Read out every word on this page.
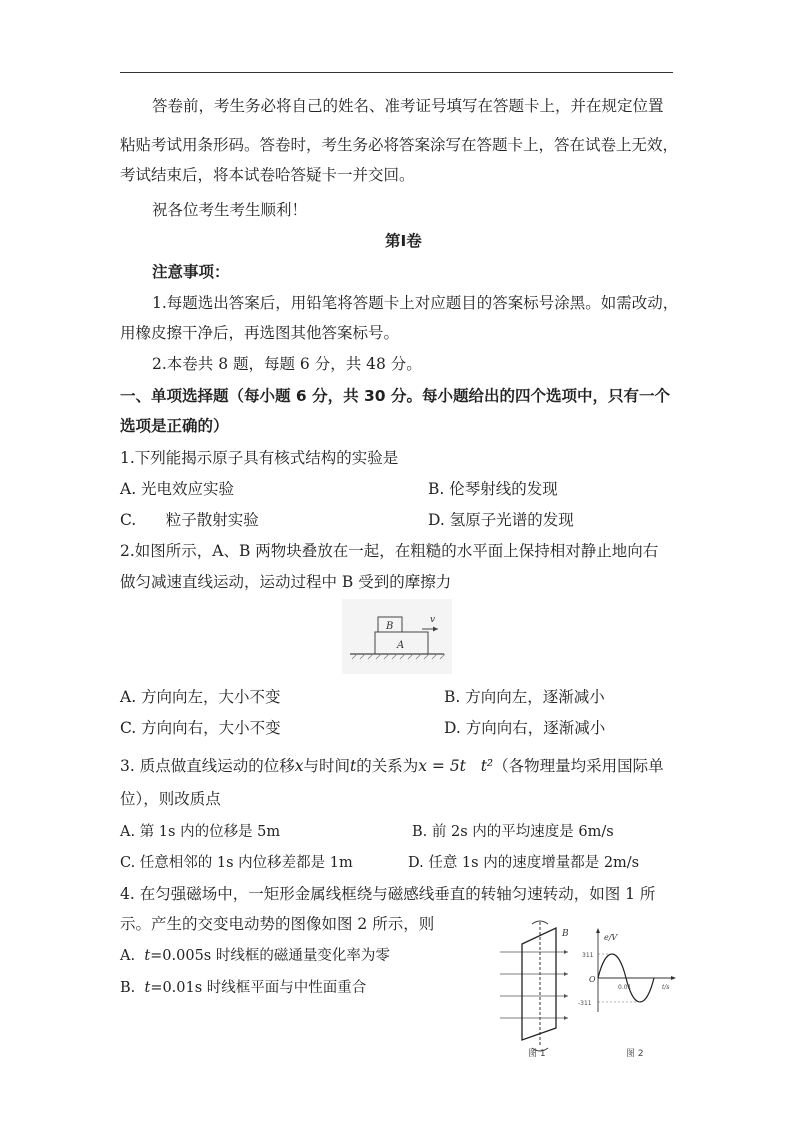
答卷前，考生务必将自己的姓名、准考证号填写在答题卡上，并在规定位置
粘贴考试用条形码。答卷时，考生务必将答案涂写在答题卡上，答在试卷上无效，
考试结束后，将本试卷哈答疑卡一并交回。
祝各位考生考生顺利！
第Ⅰ卷
注意事项：
1.每题选出答案后，用铅笔将答题卡上对应题目的答案标号涂黑。如需改动，
用橡皮擦干净后，再选图其他答案标号。
2.本卷共 8 题，每题 6 分，共 48 分。
一、单项选择题（每小题 6 分，共 30 分。每小题给出的四个选项中，只有一个
选项是正确的）
1.下列能揭示原子具有核式结构的实验是
A. 光电效应实验	B. 伦琴射线的发现
C.      粒子散射实验	D. 氢原子光谱的发现
2.如图所示，A、B 两物块叠放在一起，在粗糙的水平面上保持相对静止地向右
做匀减速直线运动，运动过程中 B 受到的摩擦力
B
A
v
A. 方向向左，大小不变	B. 方向向左，逐渐减小
C. 方向向右，大小不变	D. 方向向右，逐渐减小
3. 质点做直线运动的位移x与时间t的关系为x = 5t   t²（各物理量均采用国际单
位），则改质点
A. 第 1s 内的位移是 5m	B. 前 2s 内的平均速度是 6m/s
C. 任意相邻的 1s 内位移差都是 1m	D. 任意 1s 内的速度增量都是 2m/s
4. 在匀强磁场中，一矩形金属线框绕与磁感线垂直的转轴匀速转动，如图 1 所
示。产生的交变电动势的图像如图 2 所示，则
A.  t=0.005s 时线框的磁通量变化率为零
B.  t=0.01s 时线框平面与中性面重合
B
图 1
e/V
311
-311
O
0.01	t/s
图 2
